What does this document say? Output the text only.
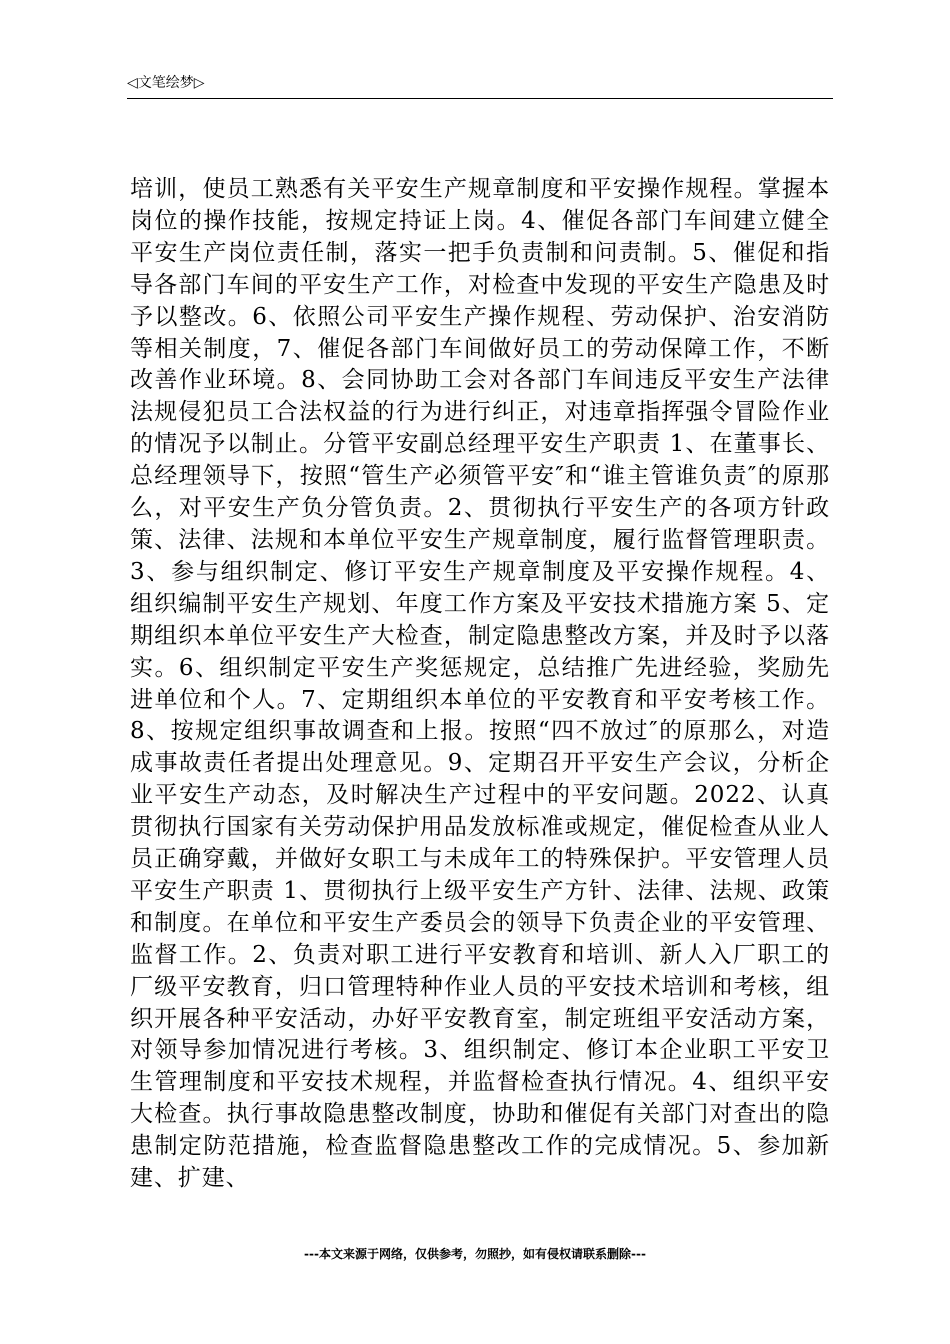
◁文笔绘梦▷

培训，使员工熟悉有关平安生产规章制度和平安操作规程。掌握本岗位的操作技能，按规定持证上岗。4、催促各部门车间建立健全平安生产岗位责任制，落实一把手负责制和问责制。5、催促和指导各部门车间的平安生产工作，对检查中发现的平安生产隐患及时予以整改。6、依照公司平安生产操作规程、劳动保护、治安消防等相关制度，7、催促各部门车间做好员工的劳动保障工作，不断改善作业环境。8、会同协助工会对各部门车间违反平安生产法律法规侵犯员工合法权益的行为进行纠正，对违章指挥强令冒险作业的情况予以制止。分管平安副总经理平安生产职责 1、在董事长、总经理领导下，按照“管生产必须管平安″和“谁主管谁负责″的原那么，对平安生产负分管负责。2、贯彻执行平安生产的各项方针政策、法律、法规和本单位平安生产规章制度，履行监督管理职责。3、参与组织制定、修订平安生产规章制度及平安操作规程。4、组织编制平安生产规划、年度工作方案及平安技术措施方案 5、定期组织本单位平安生产大检查，制定隐患整改方案，并及时予以落实。6、组织制定平安生产奖惩规定，总结推广先进经验，奖励先进单位和个人。7、定期组织本单位的平安教育和平安考核工作。8、按规定组织事故调查和上报。按照“四不放过″的原那么，对造成事故责任者提出处理意见。9、定期召开平安生产会议，分析企业平安生产动态，及时解决生产过程中的平安问题。2022、认真贯彻执行国家有关劳动保护用品发放标准或规定，催促检查从业人员正确穿戴，并做好女职工与未成年工的特殊保护。平安管理人员平安生产职责 1、贯彻执行上级平安生产方针、法律、法规、政策和制度。在单位和平安生产委员会的领导下负责企业的平安管理、监督工作。2、负责对职工进行平安教育和培训、新人入厂职工的厂级平安教育，归口管理特种作业人员的平安技术培训和考核，组织开展各种平安活动，办好平安教育室，制定班组平安活动方案，对领导参加情况进行考核。3、组织制定、修订本企业职工平安卫生管理制度和平安技术规程，并监督检查执行情况。4、组织平安大检查。执行事故隐患整改制度，协助和催促有关部门对查出的隐患制定防范措施，检查监督隐患整改工作的完成情况。5、参加新建、扩建、

---本文来源于网络，仅供参考，勿照抄，如有侵权请联系删除---
